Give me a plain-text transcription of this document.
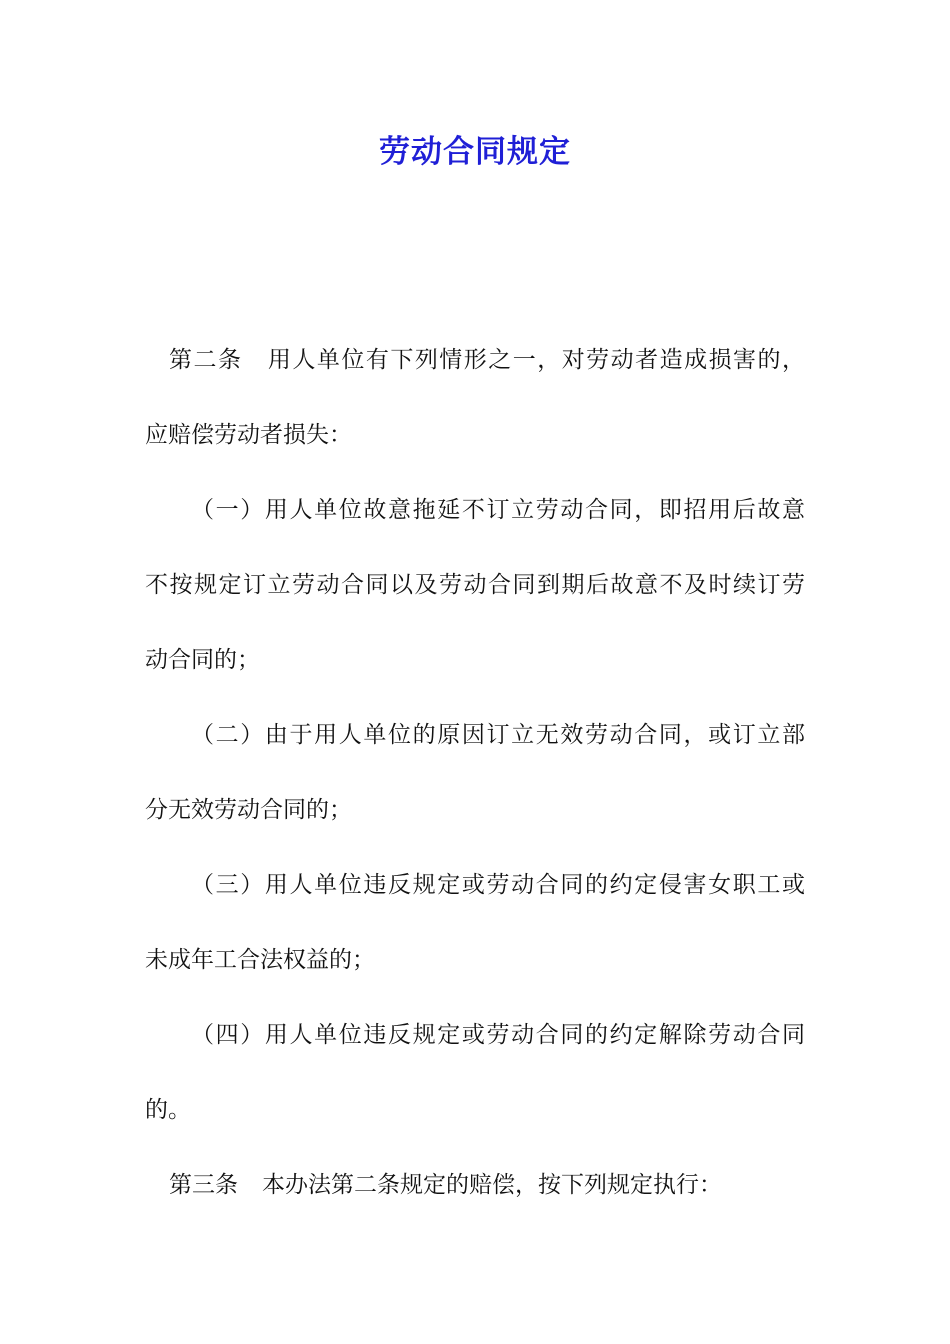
劳动合同规定
第二条 用人单位有下列情形之一，对劳动者造成损害的，
应赔偿劳动者损失：
（一）用人单位故意拖延不订立劳动合同，即招用后故意
不按规定订立劳动合同以及劳动合同到期后故意不及时续订劳
动合同的；
（二）由于用人单位的原因订立无效劳动合同，或订立部
分无效劳动合同的；
（三）用人单位违反规定或劳动合同的约定侵害女职工或
未成年工合法权益的；
（四）用人单位违反规定或劳动合同的约定解除劳动合同
的。
第三条 本办法第二条规定的赔偿，按下列规定执行：
